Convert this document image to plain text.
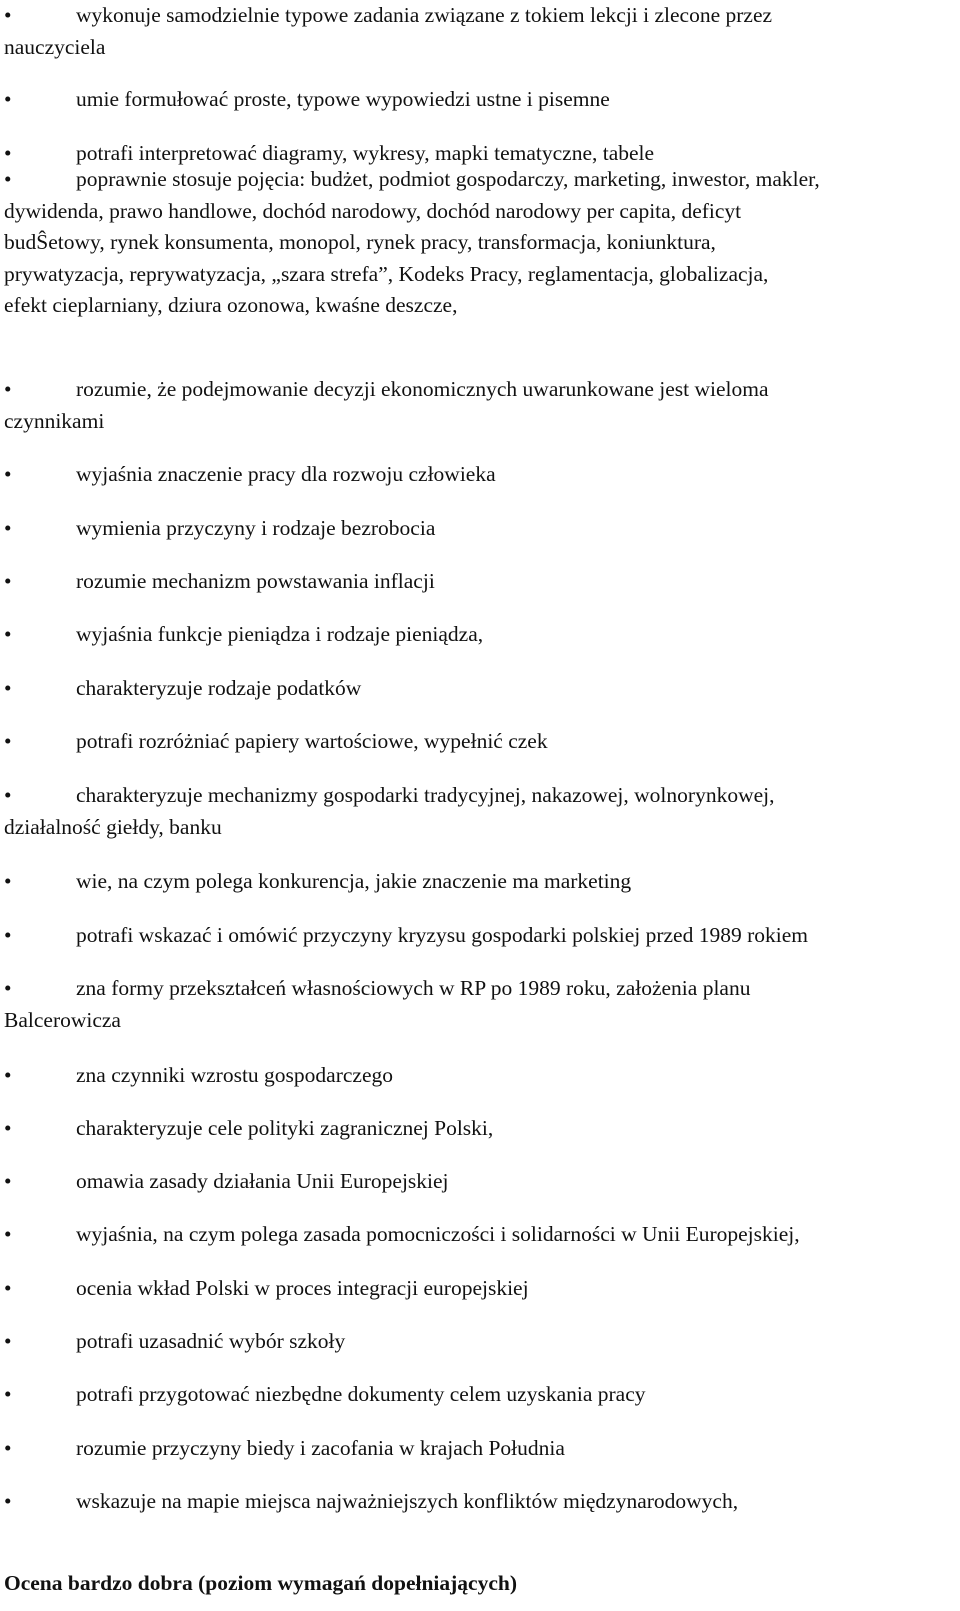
•	wykonuje samodzielnie typowe zadania związane z tokiem lekcji i zlecone przez
nauczyciela
•	umie formułować proste, typowe wypowiedzi ustne i pisemne
•	potrafi interpretować diagramy, wykresy, mapki tematyczne, tabele
•	poprawnie stosuje pojęcia: budżet, podmiot gospodarczy, marketing, inwestor, makler,
dywidenda, prawo handlowe, dochód narodowy, dochód narodowy per capita, deficyt
budŜetowy, rynek konsumenta, monopol, rynek pracy, transformacja, koniunktura,
prywatyzacja, reprywatyzacja, „szara strefa”, Kodeks Pracy, reglamentacja, globalizacja,
efekt cieplarniany, dziura ozonowa, kwaśne deszcze,
•	rozumie, że podejmowanie decyzji ekonomicznych uwarunkowane jest wieloma
czynnikami
•	wyjaśnia znaczenie pracy dla rozwoju człowieka
•	wymienia przyczyny i rodzaje bezrobocia
•	rozumie mechanizm powstawania inflacji
•	wyjaśnia funkcje pieniądza i rodzaje pieniądza,
•	charakteryzuje rodzaje podatków
•	potrafi rozróżniać papiery wartościowe, wypełnić czek
•	charakteryzuje mechanizmy gospodarki tradycyjnej, nakazowej, wolnorynkowej,
działalność giełdy, banku
•	wie, na czym polega konkurencja, jakie znaczenie ma marketing
•	potrafi wskazać i omówić przyczyny kryzysu gospodarki polskiej przed 1989 rokiem
•	zna formy przekształceń własnościowych w RP po 1989 roku, założenia planu
Balcerowicza
•	zna czynniki wzrostu gospodarczego
•	charakteryzuje cele polityki zagranicznej Polski,
•	omawia zasady działania Unii Europejskiej
•	wyjaśnia, na czym polega zasada pomocniczości i solidarności w Unii Europejskiej,
•	ocenia wkład Polski w proces integracji europejskiej
•	potrafi uzasadnić wybór szkoły
•	potrafi przygotować niezbędne dokumenty celem uzyskania pracy
•	rozumie przyczyny biedy i zacofania w krajach Południa
•	wskazuje na mapie miejsca najważniejszych konfliktów międzynarodowych,
Ocena bardzo dobra (poziom wymagań dopełniających)
